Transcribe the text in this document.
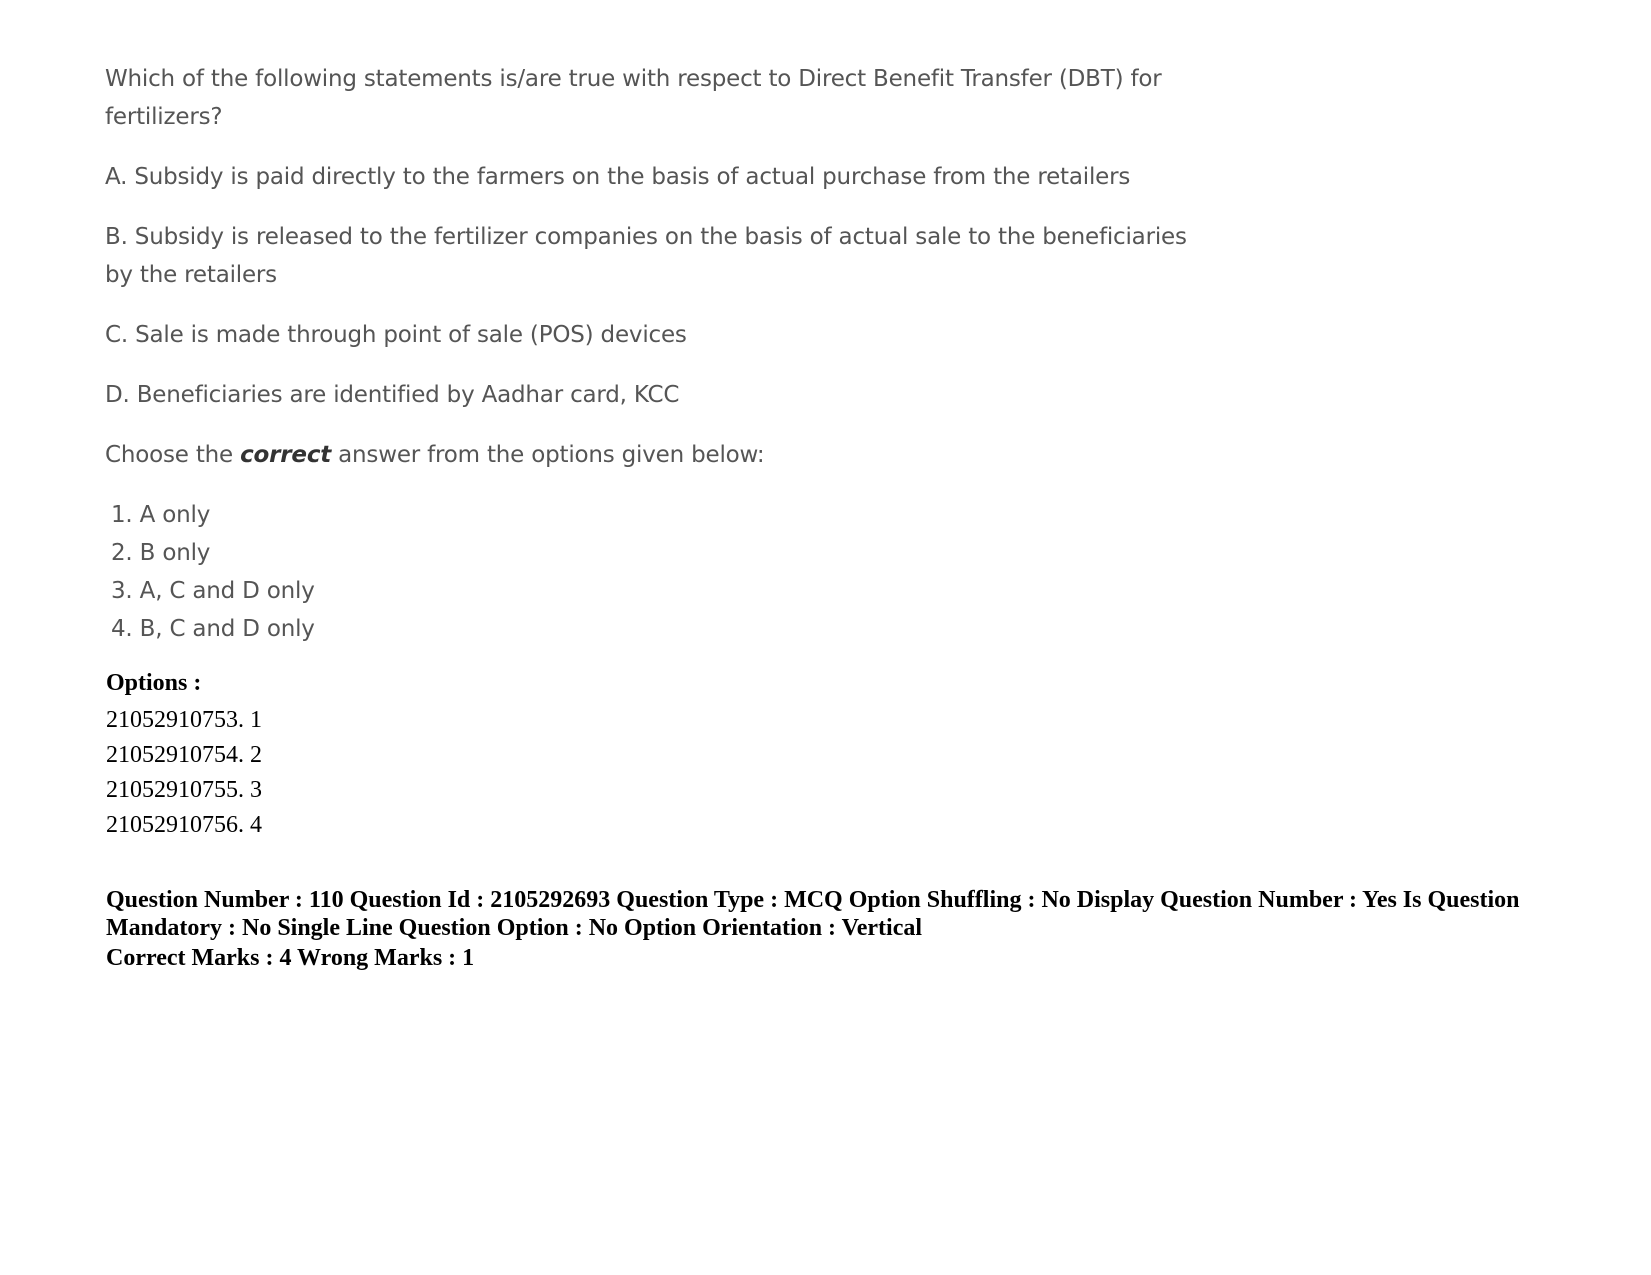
Which of the following statements is/are true with respect to Direct Benefit Transfer (DBT) for fertilizers?

A. Subsidy is paid directly to the farmers on the basis of actual purchase from the retailers

B. Subsidy is released to the fertilizer companies on the basis of actual sale to the beneficiaries by the retailers

C. Sale is made through point of sale (POS) devices

D. Beneficiaries are identified by Aadhar card, KCC

Choose the correct answer from the options given below:

1. A only
2. B only
3. A, C and D only
4. B, C and D only
Options :
21052910753. 1
21052910754. 2
21052910755. 3
21052910756. 4
Question Number : 110 Question Id : 2105292693 Question Type : MCQ Option Shuffling : No Display Question Number : Yes Is Question Mandatory : No Single Line Question Option : No Option Orientation : Vertical
Correct Marks : 4 Wrong Marks : 1
